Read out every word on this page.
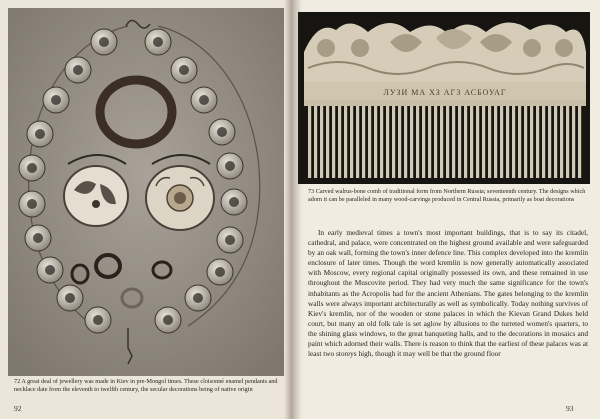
72 A great deal of jewellery was made in Kiev in pre-Mongol times. These cloisonné enamel pendants and necklace date from the eleventh to twelfth century, the secular decorations being of native origin
92
ЛУЗИ МА ХЗ АГЗ АСБОУАГ
73 Carved walrus-bone comb of traditional form from Northern Russia; seventeenth century. The designs which adorn it can be paralleled in many wood-carvings produced in Central Russia, primarily as boat decorations

In early medieval times a town's most important buildings, that is to say its citadel, cathedral, and palace, were concentrated on the highest ground available and were safeguarded by an oak wall, forming the town's inner defence line. This complex developed into the kremlin enclosure of later times. Though the word kremlin is now generally automatically associated with Moscow, every regional capital originally possessed its own, and these remained in use throughout the Muscovite period. They had very much the same significance for the town's inhabitants as the Acropolis had for the ancient Athenians. The gates belonging to the kremlin walls were always important architecturally as well as symbolically. Today nothing survives of Kiev's kremlin, nor of the wooden or stone palaces in which the Kievan Grand Dukes held court, but many an old folk tale is set aglow by allusions to the turreted women's quarters, to the shining glass windows, to the great banqueting halls, and to the decorations in mosaics and paint which adorned their walls. There is reason to think that the earliest of these palaces was at least two storeys high, though it may well be that the ground floor

93
